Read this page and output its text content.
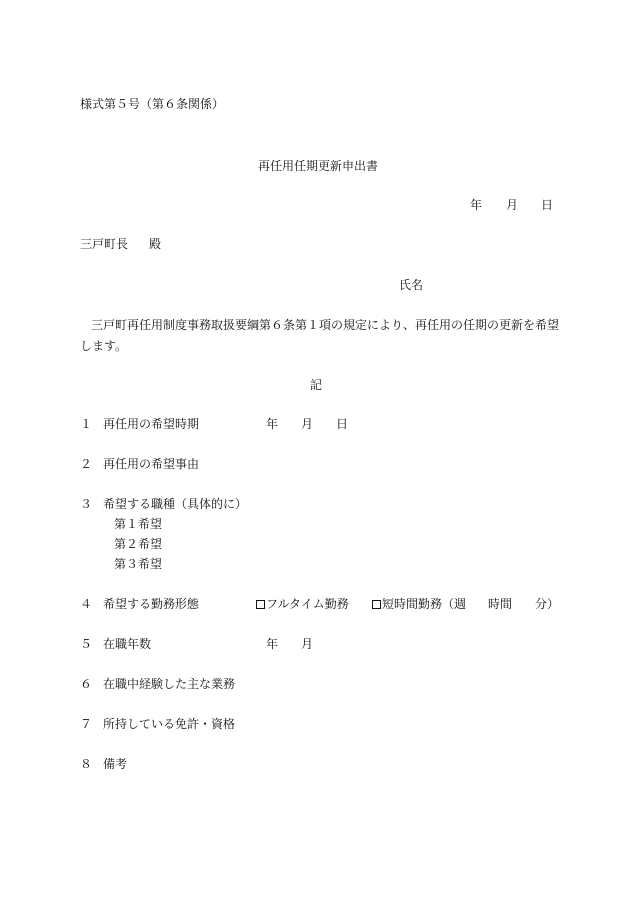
様式第５号（第６条関係）
再任用任期更新申出書
年 月 日
三戸町長 殿
氏名
三戸町再任用制度事務取扱要綱第６条第１項の規定により、再任用の任期の更新を希望
します。
記
１ 再任用の希望時期	年 月 日
２ 再任用の希望事由
３ 希望する職種（具体的に）
第１希望
第２希望
第３希望
４ 希望する勤務形態	フルタイム勤務	短時間勤務（週 時間 分）
５ 在職年数	年 月
６ 在職中経験した主な業務
７ 所持している免許・資格
８ 備考
